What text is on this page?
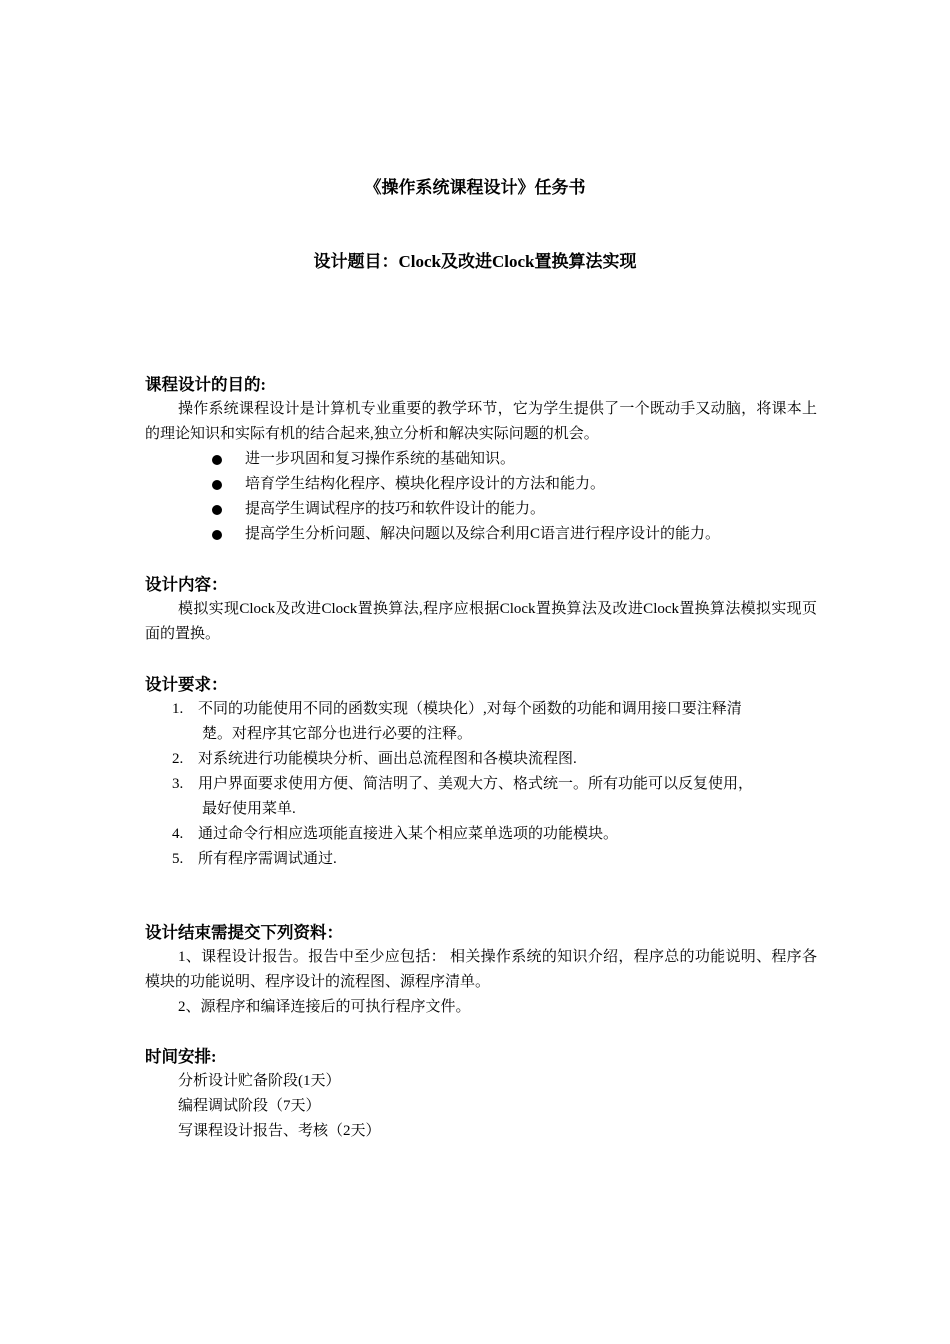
《操作系统课程设计》任务书
设计题目：Clock及改进Clock置换算法实现
课程设计的目的:
操作系统课程设计是计算机专业重要的教学环节，它为学生提供了一个既动手又动脑，将课本上的理论知识和实际有机的结合起来,独立分析和解决实际问题的机会。
进一步巩固和复习操作系统的基础知识。
培育学生结构化程序、模块化程序设计的方法和能力。
提高学生调试程序的技巧和软件设计的能力。
提高学生分析问题、解决问题以及综合利用C语言进行程序设计的能力。
设计内容：
模拟实现Clock及改进Clock置换算法,程序应根据Clock置换算法及改进Clock置换算法模拟实现页面的置换。
设计要求：
1. 不同的功能使用不同的函数实现（模块化）,对每个函数的功能和调用接口要注释清
楚。对程序其它部分也进行必要的注释。
2. 对系统进行功能模块分析、画出总流程图和各模块流程图.
3. 用户界面要求使用方便、简洁明了、美观大方、格式统一。所有功能可以反复使用，
最好使用菜单.
4. 通过命令行相应选项能直接进入某个相应菜单选项的功能模块。
5. 所有程序需调试通过.
设计结束需提交下列资料：
1、课程设计报告。报告中至少应包括： 相关操作系统的知识介绍，程序总的功能说明、程序各模块的功能说明、程序设计的流程图、源程序清单。
2、源程序和编译连接后的可执行程序文件。
时间安排:
分析设计贮备阶段(1天）
编程调试阶段（7天）
写课程设计报告、考核（2天）
